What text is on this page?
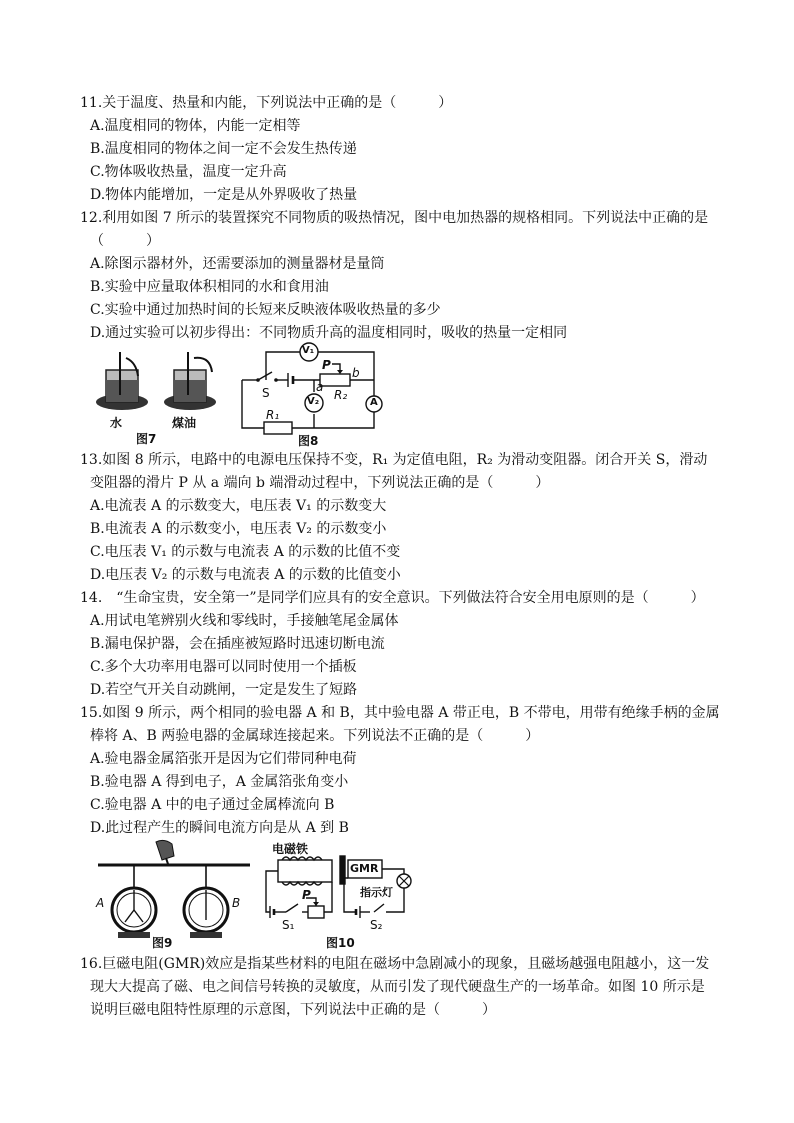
11.关于温度、热量和内能，下列说法中正确的是（　　　）
A.温度相同的物体，内能一定相等
B.温度相同的物体之间一定不会发生热传递
C.物体吸收热量，温度一定升高
D.物体内能增加，一定是从外界吸收了热量
12.利用如图 7 所示的装置探究不同物质的吸热情况，图中电加热器的规格相同。下列说法中正确的是
（　　　）
A.除图示器材外，还需要添加的测量器材是量筒
B.实验中应量取体积相同的水和食用油
C.实验中通过加热时间的长短来反映液体吸收热量的多少
D.通过实验可以初步得出：不同物质升高的温度相同时，吸收的热量一定相同
水	煤油
图7
V₁
V₂	A
S
P
a
b
R₁
R₂
图8
13.如图 8 所示，电路中的电源电压保持不变，R₁ 为定值电阻，R₂ 为滑动变阻器。闭合开关 S，滑动
变阻器的滑片 P 从 a 端向 b 端滑动过程中，下列说法正确的是（　　　）
A.电流表 A 的示数变大，电压表 V₁ 的示数变大
B.电流表 A 的示数变小，电压表 V₂ 的示数变小
C.电压表 V₁ 的示数与电流表 A 的示数的比值不变
D.电压表 V₂ 的示数与电流表 A 的示数的比值变小
14.　“生命宝贵，安全第一”是同学们应具有的安全意识。下列做法符合安全用电原则的是（　　　）
A.用试电笔辨别火线和零线时，手接触笔尾金属体
B.漏电保护器，会在插座被短路时迅速切断电流
C.多个大功率用电器可以同时使用一个插板
D.若空气开关自动跳闸，一定是发生了短路
15.如图 9 所示，两个相同的验电器 A 和 B，其中验电器 A 带正电，B 不带电，用带有绝缘手柄的金属
棒将 A、B 两验电器的金属球连接起来。下列说法不正确的是（　　　）
A.验电器金属箔张开是因为它们带同种电荷
B.验电器 A 得到电子，A 金属箔张角变小
C.验电器 A 中的电子通过金属棒流向 B
D.此过程产生的瞬间电流方向是从 A 到 B
A	B
图9
电磁铁
GMR
指示灯
P
S₁	S₂
图10
16.巨磁电阻(GMR)效应是指某些材料的电阻在磁场中急剧减小的现象，且磁场越强电阻越小，这一发
现大大提高了磁、电之间信号转换的灵敏度，从而引发了现代硬盘生产的一场革命。如图 10 所示是
说明巨磁电阻特性原理的示意图，下列说法中正确的是（　　　）
